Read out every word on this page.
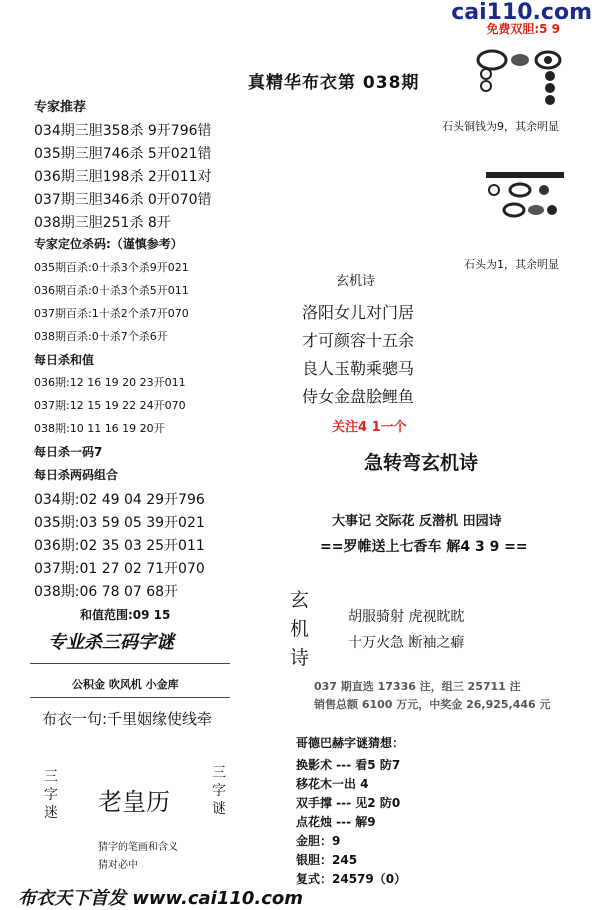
cai110.com
免费双胆:5 9
真精华布衣第 038期
石头铜钱为9，其余明显
石头为1，其余明显
专家推荐
034期三胆358杀 9开796错
035期三胆746杀 5开021错
036期三胆198杀 2开011对
037期三胆346杀 0开070错
038期三胆251杀 8开
专家定位杀码:（谨慎参考）
035期百杀:0十杀3个杀9开021
036期百杀:0十杀3个杀5开011
037期百杀:1十杀2个杀7开070
038期百杀:0十杀7个杀6开
每日杀和值
036期:12 16 19 20 23开011
037期:12 15 19 22 24开070
038期:10 11 16 19 20开
每日杀一码7
每日杀两码组合
034期:02 49 04 29开796
035期:03 59 05 39开021
036期:02 35 03 25开011
037期:01 27 02 71开070
038期:06 78 07 68开
和值范围:09 15
专业杀三码字谜
公积金 吹风机 小金库
布衣一句:千里姻缘使线牵
三
字
迷 老皇历
三
字
谜
猜字的笔画和含义
猜对必中
玄机诗
洛阳女儿对门居
才可颜容十五余
良人玉勒乘骢马
侍女金盘脍鲤鱼
关注4 1一个
急转弯玄机诗
大事记 交际花 反潜机 田园诗
==罗帷送上七香车 解4 3 9 ==
玄
机
诗
胡服骑射 虎视眈眈
十万火急 断袖之癖
037 期直选 17336 注，组三 25711 注
销售总额 6100 万元，中奖金 26,925,446 元
哥德巴赫字谜猜想：
换影术 --- 看5 防7
移花木一出 4
双手撑 --- 见2 防0
点花烛 --- 解9
金胆：9
银胆：245
复式：24579（0）
布衣天下首发 www.cai110.com
